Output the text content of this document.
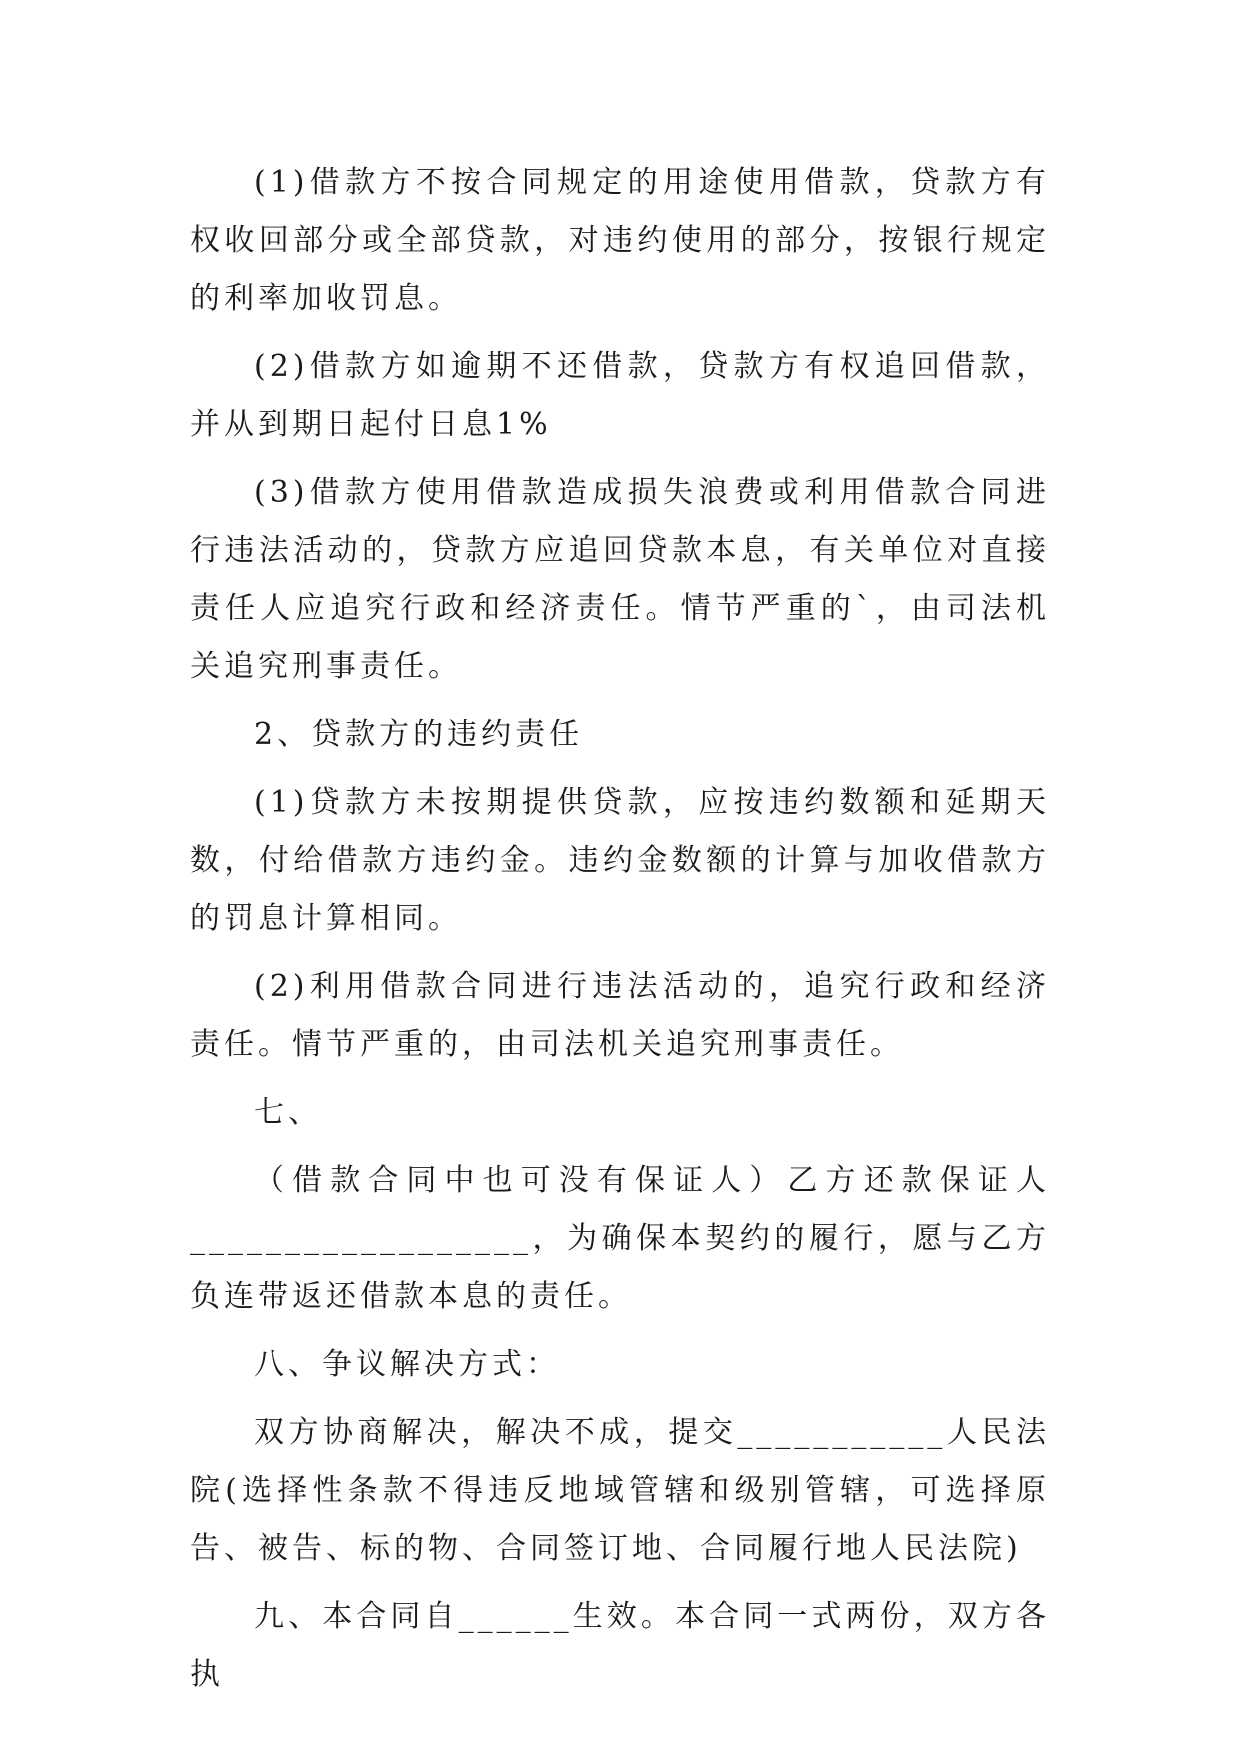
(1)借款方不按合同规定的用途使用借款，贷款方有权收回部分或全部贷款，对违约使用的部分，按银行规定的利率加收罚息。

(2)借款方如逾期不还借款，贷款方有权追回借款，并从到期日起付日息1%

(3)借款方使用借款造成损失浪费或利用借款合同进行违法活动的，贷款方应追回贷款本息，有关单位对直接责任人应追究行政和经济责任。情节严重的`，由司法机关追究刑事责任。

2、贷款方的违约责任

(1)贷款方未按期提供贷款，应按违约数额和延期天数，付给借款方违约金。违约金数额的计算与加收借款方的罚息计算相同。

(2)利用借款合同进行违法活动的，追究行政和经济责任。情节严重的，由司法机关追究刑事责任。

七、

（借款合同中也可没有保证人）乙方还款保证人__________________，为确保本契约的履行，愿与乙方负连带返还借款本息的责任。

八、争议解决方式：

双方协商解决，解决不成，提交___________人民法院(选择性条款不得违反地域管辖和级别管辖，可选择原告、被告、标的物、合同签订地、合同履行地人民法院)

九、本合同自______生效。本合同一式两份，双方各执
